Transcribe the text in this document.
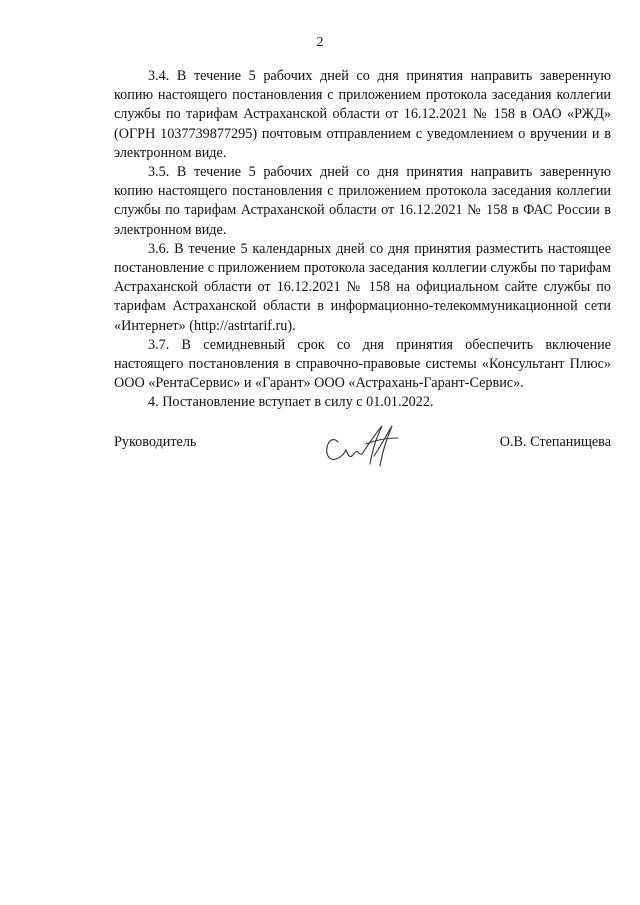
2

3.4. В течение 5 рабочих дней со дня принятия направить заверенную копию настоящего постановления с приложением протокола заседания коллегии службы по тарифам Астраханской области от 16.12.2021 № 158 в ОАО «РЖД» (ОГРН 1037739877295) почтовым отправлением с уведомлением о вручении и в электронном виде.

3.5. В течение 5 рабочих дней со дня принятия направить заверенную копию настоящего постановления с приложением протокола заседания коллегии службы по тарифам Астраханской области от 16.12.2021 № 158 в ФАС России в электронном виде.

3.6. В течение 5 календарных дней со дня принятия разместить настоящее постановление с приложением протокола заседания коллегии службы по тарифам Астраханской области от 16.12.2021 № 158 на официальном сайте службы по тарифам Астраханской области в информационно-телекоммуникационной сети «Интернет» (http://astrtarif.ru).

3.7. В семидневный срок со дня принятия обеспечить включение настоящего постановления в справочно-правовые системы «Консультант Плюс» ООО «РентаСервис» и «Гарант» ООО «Астрахань-Гарант-Сервис».

4. Постановление вступает в силу с 01.01.2022.

Руководитель	О.В. Степанищева
